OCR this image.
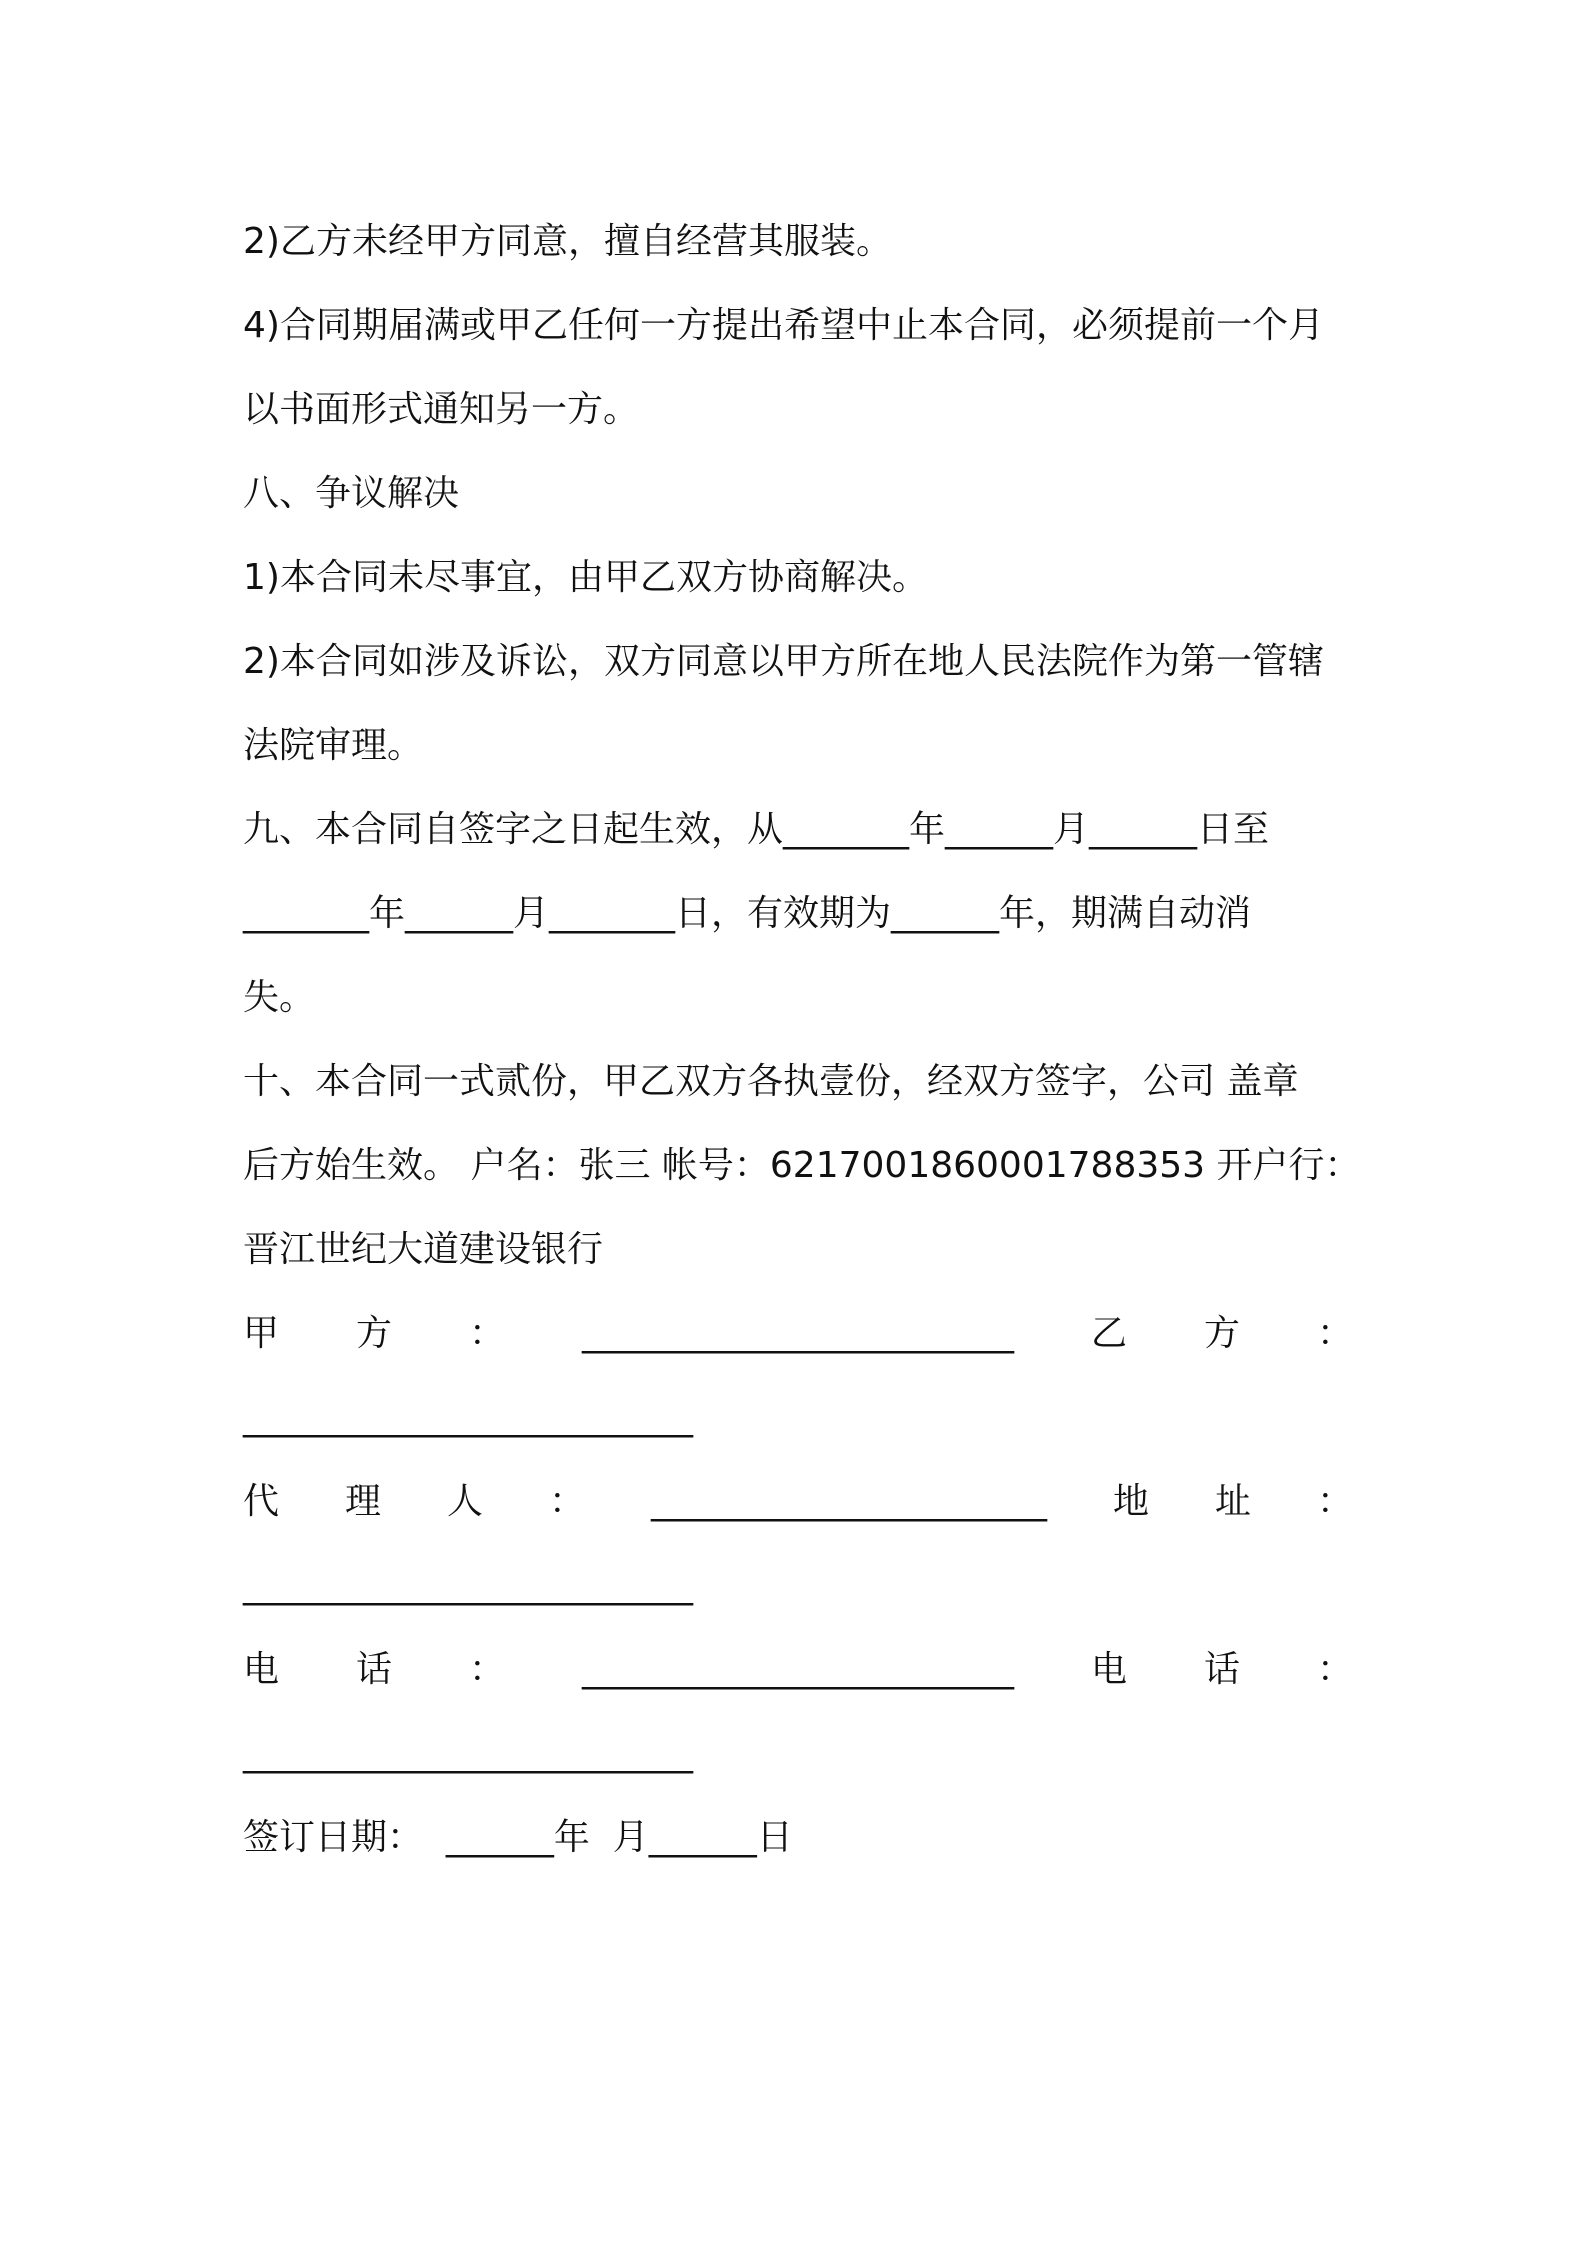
2)乙方未经甲方同意，擅自经营其服装。
4)合同期届满或甲乙任何一方提出希望中止本合同，必须提前一个月
以书面形式通知另一方。
八、争议解决
1)本合同未尽事宜，由甲乙双方协商解决。
2)本合同如涉及诉讼，双方同意以甲方所在地人民法院作为第一管辖
法院审理。
九、本合同自签字之日起生效，从_______年______月______日至
_______年______月_______日，有效期为______年，期满自动消
失。
十、本合同一式贰份，甲乙双方各执壹份，经双方签字，公司 盖章
后方始生效。 户名：张三 帐号：6217001860001788353 开户行：
晋江世纪大道建设银行
甲 方 ： ________________________ 乙 方 ：
_________________________
代 理 人 ： ______________________ 地 址 ：
_________________________
电 话 ： ________________________ 电 话 ：
_________________________
签订日期：  ______年  月______日
